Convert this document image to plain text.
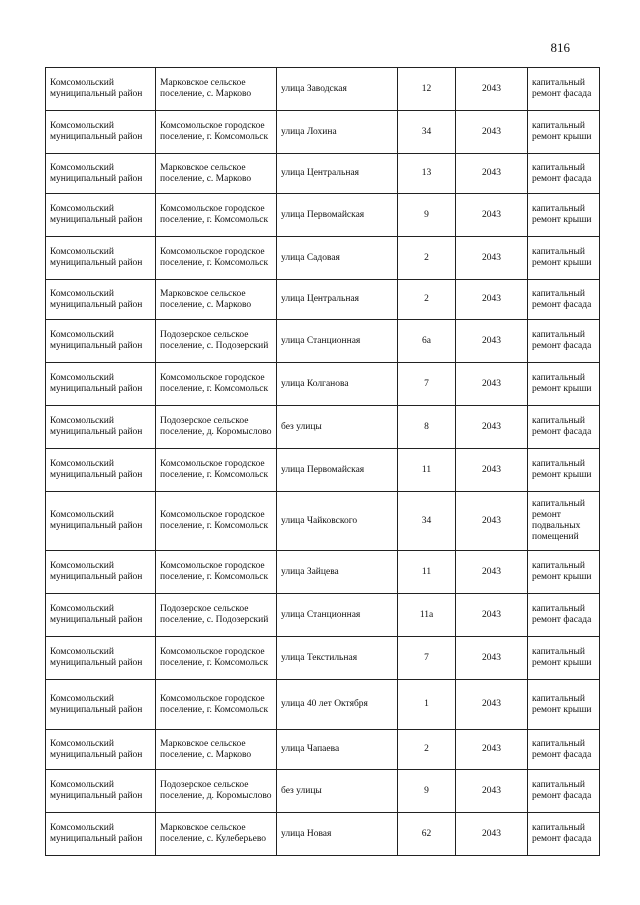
816
Комсомольский муниципальный район	Марковское сельское поселение, с. Марково	улица Заводская	12	2043	капитальный ремонт фасада
Комсомольский муниципальный район	Комсомольское городское поселение, г. Комсомольск	улица Лохина	34	2043	капитальный ремонт крыши
Комсомольский муниципальный район	Марковское сельское поселение, с. Марково	улица Центральная	13	2043	капитальный ремонт фасада
Комсомольский муниципальный район	Комсомольское городское поселение, г. Комсомольск	улица Первомайская	9	2043	капитальный ремонт крыши
Комсомольский муниципальный район	Комсомольское городское поселение, г. Комсомольск	улица Садовая	2	2043	капитальный ремонт крыши
Комсомольский муниципальный район	Марковское сельское поселение, с. Марково	улица Центральная	2	2043	капитальный ремонт фасада
Комсомольский муниципальный район	Подозерское сельское поселение, с. Подозерский	улица Станционная	6а	2043	капитальный ремонт фасада
Комсомольский муниципальный район	Комсомольское городское поселение, г. Комсомольск	улица Колганова	7	2043	капитальный ремонт крыши
Комсомольский муниципальный район	Подозерское сельское поселение, д. Коромыслово	без улицы	8	2043	капитальный ремонт фасада
Комсомольский муниципальный район	Комсомольское городское поселение, г. Комсомольск	улица Первомайская	11	2043	капитальный ремонт крыши
Комсомольский муниципальный район	Комсомольское городское поселение, г. Комсомольск	улица Чайковского	34	2043	капитальный ремонт подвальных помещений
Комсомольский муниципальный район	Комсомольское городское поселение, г. Комсомольск	улица Зайцева	11	2043	капитальный ремонт крыши
Комсомольский муниципальный район	Подозерское сельское поселение, с. Подозерский	улица Станционная	11а	2043	капитальный ремонт фасада
Комсомольский муниципальный район	Комсомольское городское поселение, г. Комсомольск	улица Текстильная	7	2043	капитальный ремонт крыши
Комсомольский муниципальный район	Комсомольское городское поселение, г. Комсомольск	улица 40 лет Октября	1	2043	капитальный ремонт крыши
Комсомольский муниципальный район	Марковское сельское поселение, с. Марково	улица Чапаева	2	2043	капитальный ремонт фасада
Комсомольский муниципальный район	Подозерское сельское поселение, д. Коромыслово	без улицы	9	2043	капитальный ремонт фасада
Комсомольский муниципальный район	Марковское сельское поселение, с. Кулеберьево	улица Новая	62	2043	капитальный ремонт фасада
